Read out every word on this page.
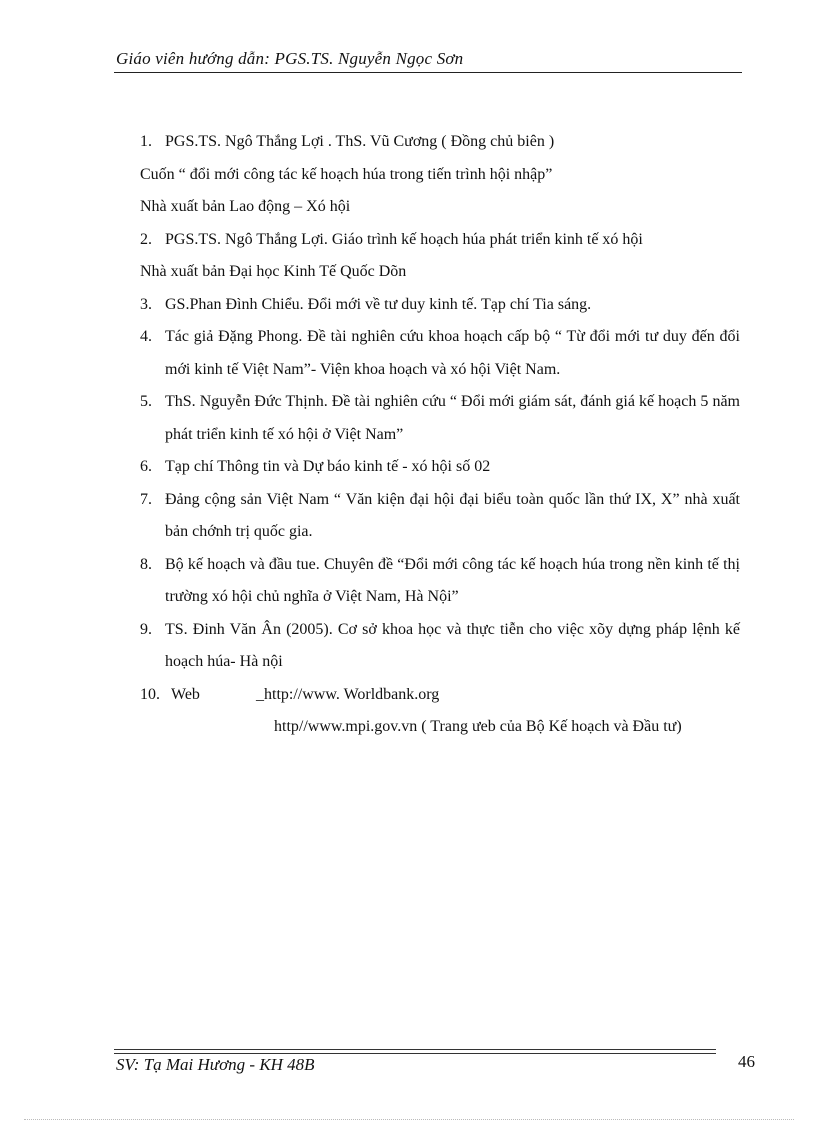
Giáo viên hướng dẫn: PGS.TS. Nguyễn Ngọc Sơn
1. PGS.TS. Ngô Thắng Lợi . ThS. Vũ Cương ( Đồng chủ biên )
Cuốn “ đổi mới công tác kế hoạch húa trong tiến trình hội nhập”
Nhà xuất bản Lao động – Xó hội
2. PGS.TS. Ngô Thắng Lợi. Giáo trình kế hoạch húa phát triển kinh tế xó hội
Nhà xuất bản Đại học Kinh Tế Quốc Dõn
3. GS.Phan Đình Chiểu. Đổi mới về tư duy kinh tế. Tạp chí Tia sáng.
4. Tác giả Đặng Phong. Đề tài nghiên cứu khoa hoạch cấp bộ “ Từ đổi mới tư duy đến đổi mới kinh tế Việt Nam”- Viện khoa hoạch và xó hội Việt Nam.
5. ThS. Nguyễn Đức Thịnh. Đề tài nghiên cứu “ Đổi mới giám sát, đánh giá kế hoạch 5 năm phát triển kinh tế xó hội ở Việt Nam”
6. Tạp chí Thông tin và Dự báo kinh tế - xó hội số 02
7. Đảng cộng sản Việt Nam “ Văn kiện đại hội đại biểu toàn quốc lần thứ IX, X” nhà xuất bản chớnh trị quốc gia.
8. Bộ kế hoạch và đầu tue. Chuyên đề “Đổi mới công tác kế hoạch húa trong nền kinh tế thị trường xó hội chủ nghĩa ở Việt Nam, Hà Nội”
9. TS. Đinh Văn Ân (2005). Cơ sở khoa học và thực tiễn cho việc xõy dựng pháp lệnh kế hoạch húa- Hà nội
10. Web	_http://www. Worldbank.org
http//www.mpi.gov.vn ( Trang ưeb của Bộ Kế hoạch và Đầu tư)
SV: Tạ Mai Hương - KH 48B	46
